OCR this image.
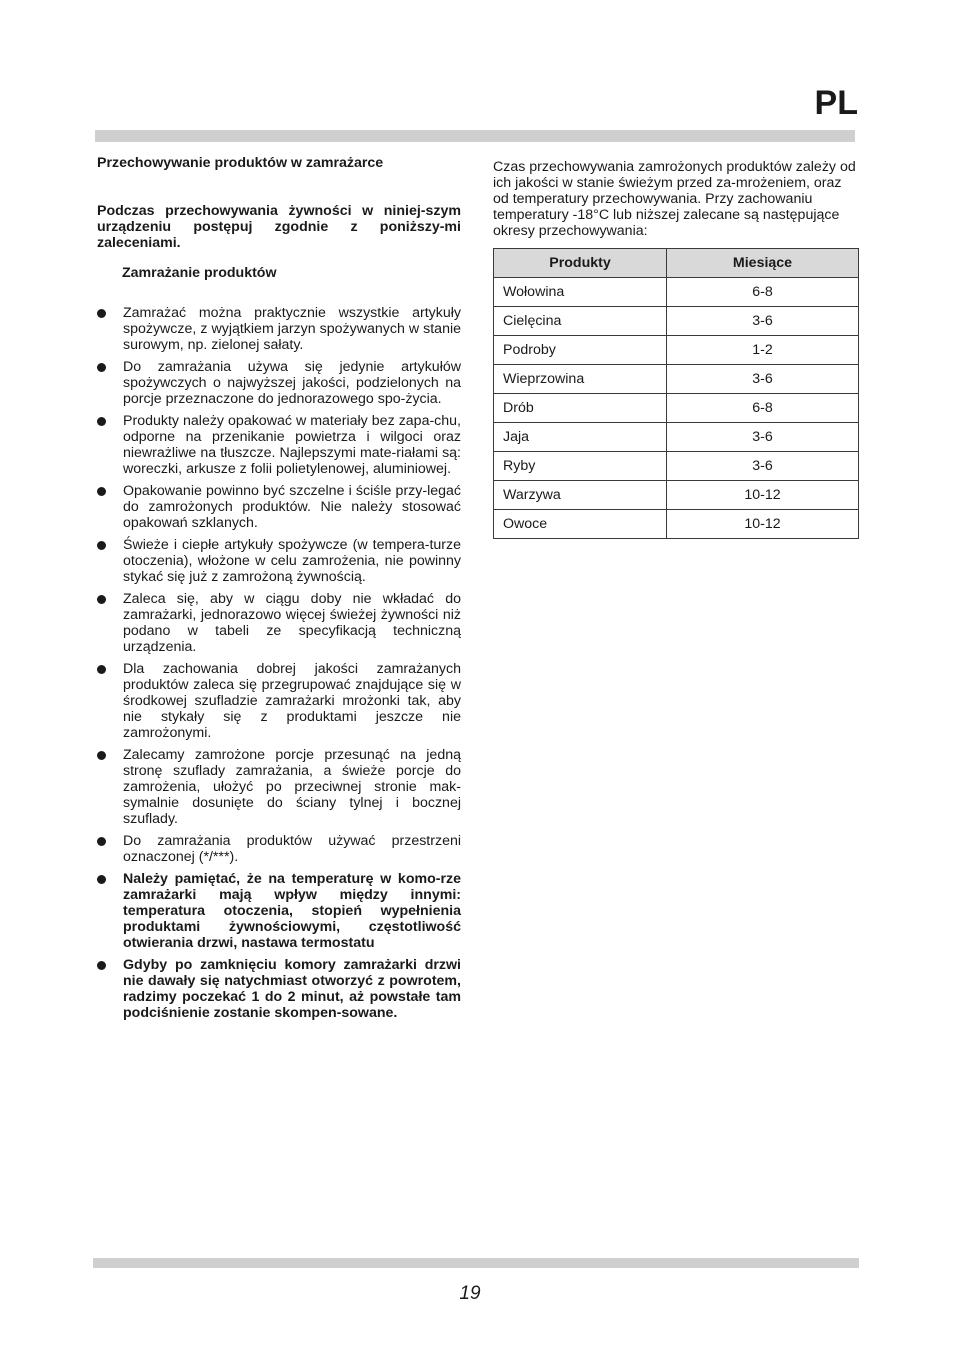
PL
Przechowywanie produktów w zamrażarce
Podczas przechowywania żywności w niniej-szym urządzeniu postępuj zgodnie z poniższy-mi zaleceniami.
Zamrażanie produktów
Zamrażać można praktycznie wszystkie artykuły spożywcze, z wyjątkiem jarzyn spożywanych w stanie surowym, np. zielonej sałaty.
Do zamrażania używa się jedynie artykułów spożywczych o najwyższej jakości, podzielonych na porcje przeznaczone do jednorazowego spo-życia.
Produkty należy opakować w materiały bez zapa-chu, odporne na przenikanie powietrza i wilgoci oraz niewrażliwe na tłuszcze. Najlepszymi mate-riałami są: woreczki, arkusze z folii polietylenowej, aluminiowej.
Opakowanie powinno być szczelne i ściśle przy-legać do zamrożonych produktów. Nie należy stosować opakowań szklanych.
Świeże i ciepłe artykuły spożywcze (w tempera-turze otoczenia), włożone w celu zamrożenia, nie powinny stykać się już z zamrożoną żywnością.
Zaleca się, aby w ciągu doby nie wkładać do zamrażarki, jednorazowo więcej świeżej żywności niż podano w tabeli ze specyfikacją techniczną urządzenia.
Dla zachowania dobrej jakości zamrażanych produktów zaleca się przegrupować znajdujące się w środkowej szufladzie zamrażarki mrożonki tak, aby nie stykały się z produktami jeszcze nie zamrożonymi.
Zalecamy zamrożone porcje przesunąć na jedną stronę szuflady zamrażania, a świeże porcje do zamrożenia, ułożyć po przeciwnej stronie mak-symalnie dosunięte do ściany tylnej i bocznej szuflady.
Do zamrażania produktów używać przestrzeni oznaczonej (*/***).
Należy pamiętać, że na temperaturę w komo-rze zamrażarki mają wpływ między innymi: temperatura otoczenia, stopień wypełnienia produktami żywnościowymi, częstotliwość otwierania drzwi, nastawa termostatu
Gdyby po zamknięciu komory zamrażarki drzwi nie dawały się natychmiast otworzyć z powrotem, radzimy poczekać 1 do 2 minut, aż powstałe tam podciśnienie zostanie skompen-sowane.

Czas przechowywania zamrożonych produktów zależy od ich jakości w stanie świeżym przed za-mrożeniem, oraz od temperatury przechowywania. Przy zachowaniu temperatury -18°C lub niższej zalecane są następujące okresy przechowywania:

Produkty	Miesiące
Wołowina	6-8
Cielęcina	3-6
Podroby	1-2
Wieprzowina	3-6
Drób	6-8
Jaja	3-6
Ryby	3-6
Warzywa	10-12
Owoce	10-12
19
